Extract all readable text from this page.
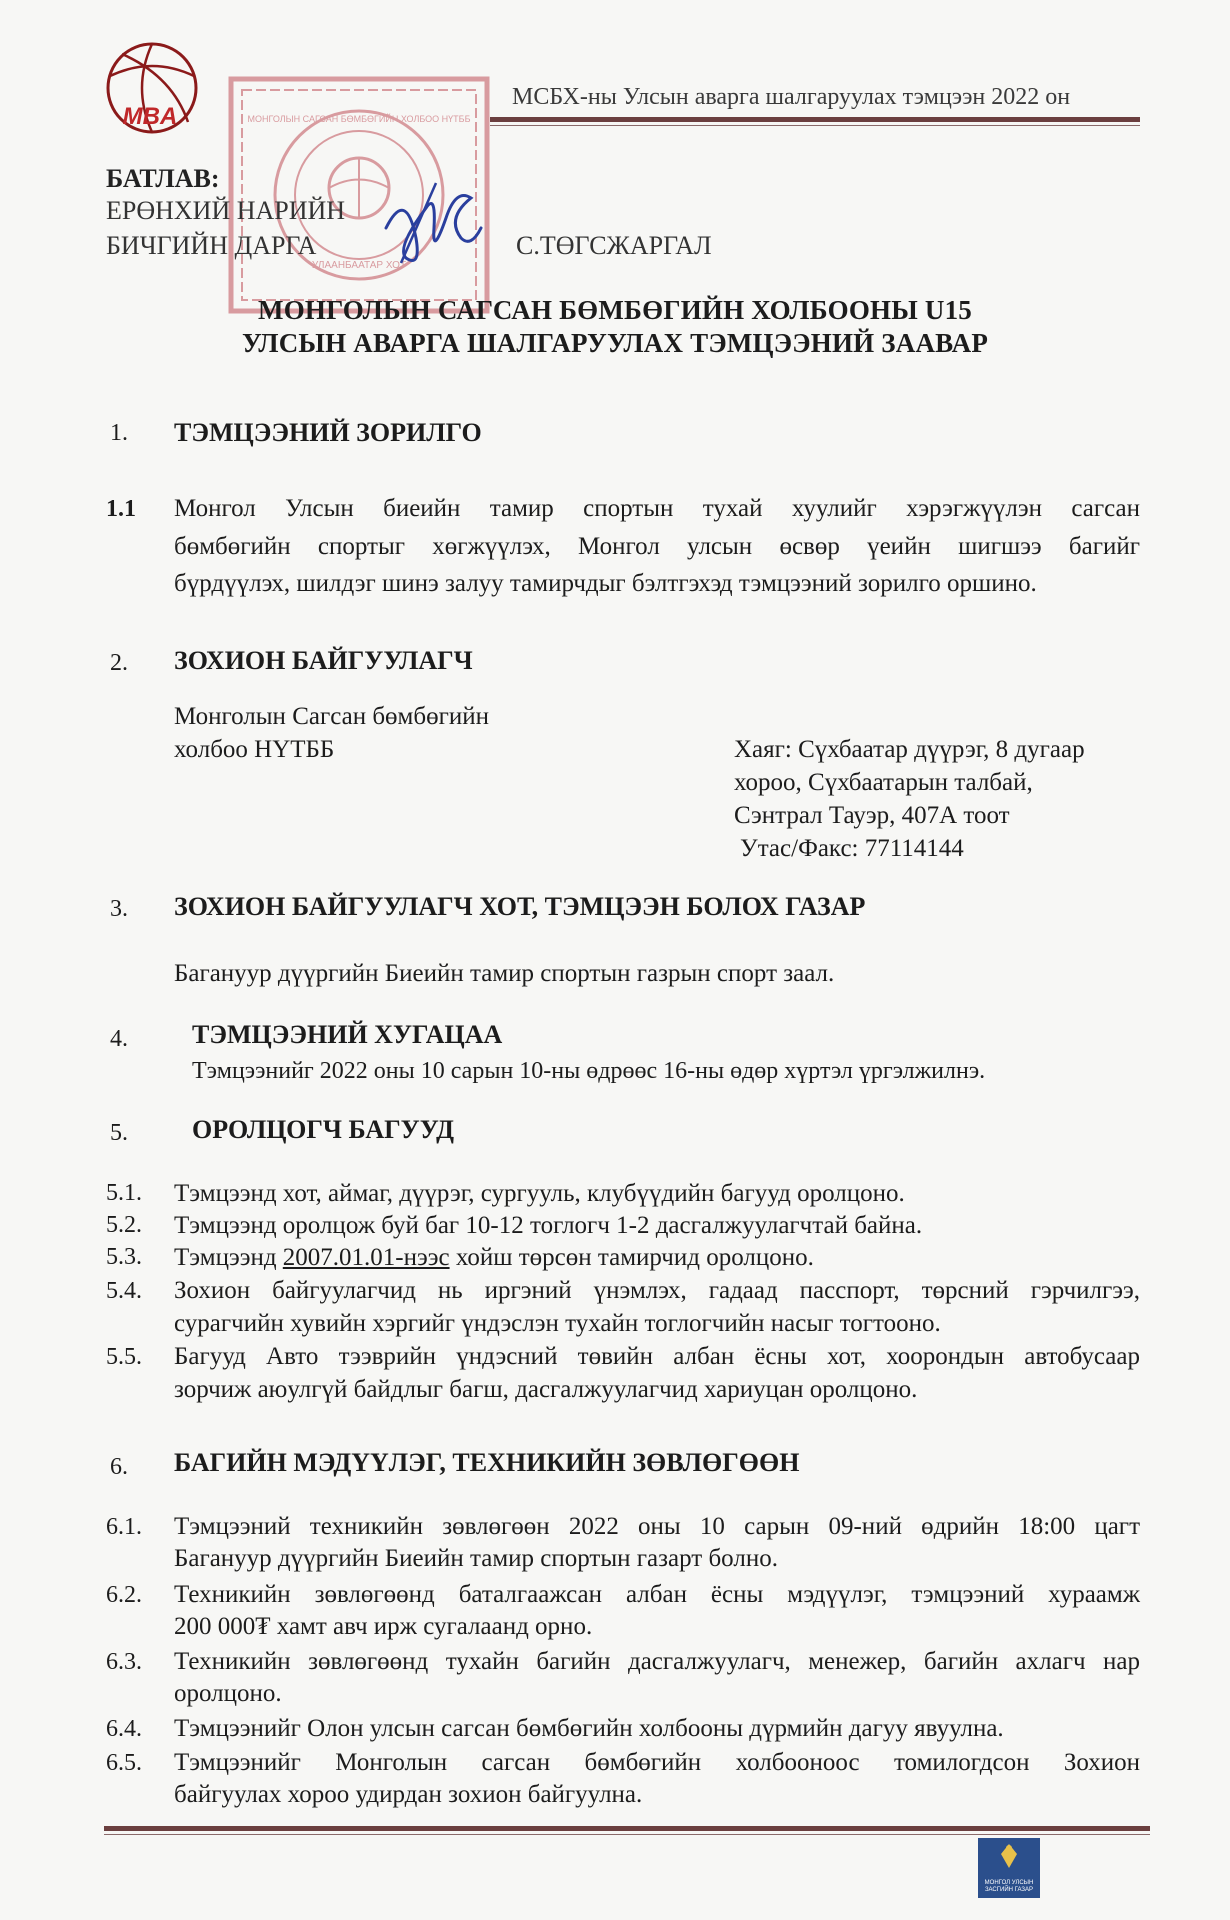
MBA
МСБХ-ны Улсын аварга шалгаруулах тэмцээн 2022 он
МОНГОЛЫН САГСАН БӨМБӨГИЙН ХОЛБОО НҮТББ
УЛААНБААТАР ХОТ
БАТЛАВ:
ЕРӨНХИЙ НАРИЙН
БИЧГИЙН ДАРГА	С.ТӨГСЖАРГАЛ
МОНГОЛЫН САГСАН БӨМБӨГИЙН ХОЛБООНЫ U15
УЛСЫН АВАРГА ШАЛГАРУУЛАХ ТЭМЦЭЭНИЙ ЗААВАР
1. ТЭМЦЭЭНИЙ ЗОРИЛГО
1.1 Монгол Улсын биеийн тамир спортын тухай хуулийг хэрэгжүүлэн сагсан
бөмбөгийн спортыг хөгжүүлэх, Монгол улсын өсвөр үеийн шигшээ багийг
бүрдүүлэх, шилдэг шинэ залуу тамирчдыг бэлтгэхэд тэмцээний зорилго оршино.
2. ЗОХИОН БАЙГУУЛАГЧ
Монголын Сагсан бөмбөгийн
холбоо НҮТББ	Хаяг: Сүхбаатар дүүрэг, 8 дугаар
хороо, Сүхбаатарын талбай,
Сэнтрал Тауэр, 407А тоот
Утас/Факс: 77114144
3. ЗОХИОН БАЙГУУЛАГЧ ХОТ, ТЭМЦЭЭН БОЛОХ ГАЗАР
Багануур дүүргийн Биеийн тамир спортын газрын спорт заал.
4. ТЭМЦЭЭНИЙ ХУГАЦАА
Тэмцээнийг 2022 оны 10 сарын 10-ны өдрөөс 16-ны өдөр хүртэл үргэлжилнэ.
5. ОРОЛЦОГЧ БАГУУД
5.1. Тэмцээнд хот, аймаг, дүүрэг, сургууль, клубүүдийн багууд оролцоно.
5.2. Тэмцээнд оролцож буй баг 10-12 тоглогч 1-2 дасгалжуулагчтай байна.
5.3. Тэмцээнд 2007.01.01-нээс хойш төрсөн тамирчид оролцоно.
5.4. Зохион байгуулагчид нь иргэний үнэмлэх, гадаад пасспорт, төрсний гэрчилгээ,
сурагчийн хувийн хэргийг үндэслэн тухайн тоглогчийн насыг тогтооно.
5.5. Багууд Авто тээврийн үндэсний төвийн албан ёсны хот, хоорондын автобусаар
зорчиж аюулгүй байдлыг багш, дасгалжуулагчид хариуцан оролцоно.
6. БАГИЙН МЭДҮҮЛЭГ, ТЕХНИКИЙН ЗӨВЛӨГӨӨН
6.1. Тэмцээний техникийн зөвлөгөөн 2022 оны 10 сарын 09-ний өдрийн 18:00 цагт
Багануур дүүргийн Биеийн тамир спортын газарт болно.
6.2. Техникийн зөвлөгөөнд баталгаажсан албан ёсны мэдүүлэг, тэмцээний хураамж
200 000₮ хамт авч ирж сугалаанд орно.
6.3. Техникийн зөвлөгөөнд тухайн багийн дасгалжуулагч, менежер, багийн ахлагч нар
оролцоно.
6.4. Тэмцээнийг Олон улсын сагсан бөмбөгийн холбооны дүрмийн дагуу явуулна.
6.5. Тэмцээнийг Монголын сагсан бөмбөгийн холбооноос томилогдсон Зохион
байгуулах хороо удирдан зохион байгуулна.
МОНГОЛ УЛСЫН
ЗАСГИЙН ГАЗАР
